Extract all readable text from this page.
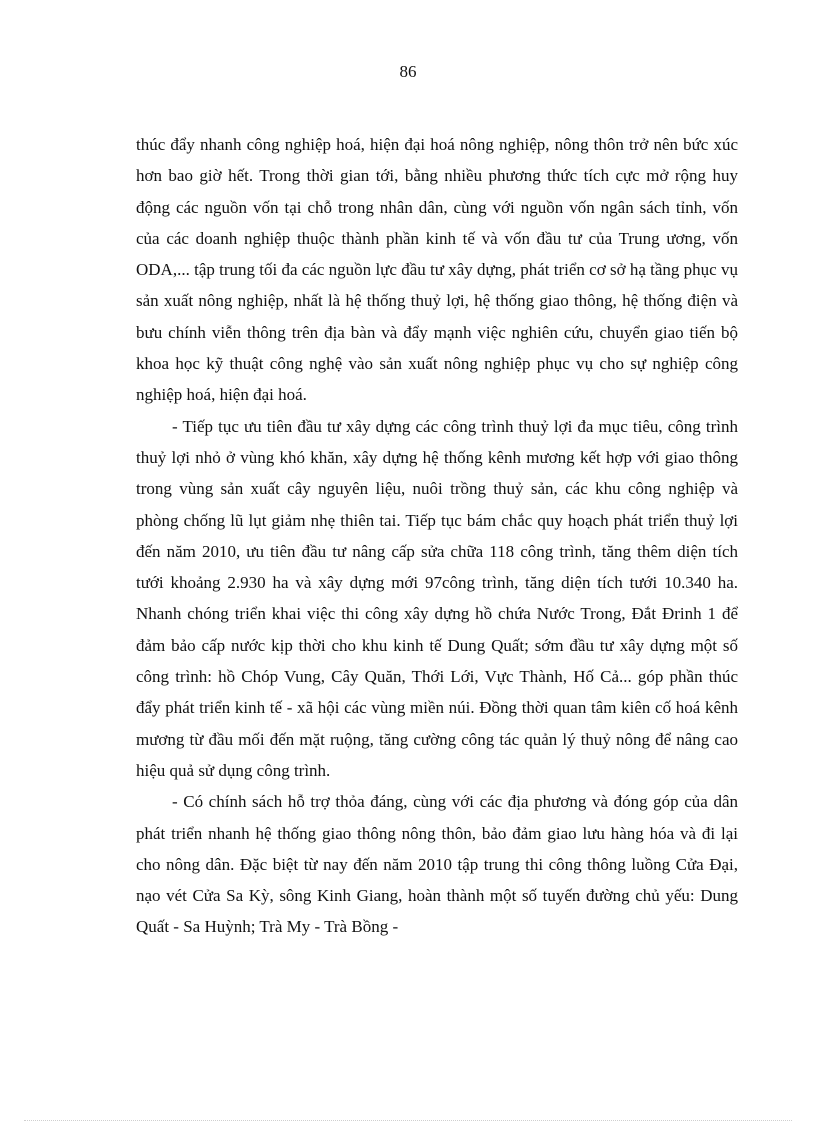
86

thúc đẩy nhanh công nghiệp hoá, hiện đại hoá nông nghiệp, nông thôn trở nên bức xúc hơn bao giờ hết. Trong thời gian tới, bằng nhiều phương thức tích cực mở rộng huy động các nguồn vốn tại chỗ trong nhân dân, cùng với nguồn vốn ngân sách tỉnh, vốn của các doanh nghiệp thuộc thành phần kinh tế và vốn đầu tư của Trung ương, vốn ODA,... tập trung tối đa các nguồn lực đầu tư xây dựng, phát triển cơ sở hạ tầng phục vụ sản xuất nông nghiệp, nhất là hệ thống thuỷ lợi, hệ thống giao thông, hệ thống điện và bưu chính viễn thông trên địa bàn và đẩy mạnh việc nghiên cứu, chuyển giao tiến bộ khoa học kỹ thuật công nghệ vào sản xuất nông nghiệp phục vụ cho sự nghiệp công nghiệp hoá, hiện đại hoá.

- Tiếp tục ưu tiên đầu tư xây dựng các công trình thuỷ lợi đa mục tiêu, công trình thuỷ lợi nhỏ ở vùng khó khăn, xây dựng hệ thống kênh mương kết hợp với giao thông trong vùng sản xuất cây nguyên liệu, nuôi trồng thuỷ sản, các khu công nghiệp và phòng chống lũ lụt giảm nhẹ thiên tai. Tiếp tục bám chắc quy hoạch phát triển thuỷ lợi đến năm 2010, ưu tiên đầu tư nâng cấp sửa chữa 118 công trình, tăng thêm diện tích tưới khoảng 2.930 ha và xây dựng mới 97công trình, tăng diện tích tưới 10.340 ha. Nhanh chóng triển khai việc thi công xây dựng hồ chứa Nước Trong, Đắt Đrinh 1 để đảm bảo cấp nước kịp thời cho khu kinh tế Dung Quất; sớm đầu tư xây dựng một số công trình: hồ Chóp Vung, Cây Quăn, Thới Lới, Vực Thành, Hố Cả... góp phần thúc đẩy phát triển kinh tế - xã hội các vùng miền núi. Đồng thời quan tâm kiên cố hoá kênh mương từ đầu mối đến mặt ruộng, tăng cường công tác quản lý thuỷ nông để nâng cao hiệu quả sử dụng công trình.

- Có chính sách hỗ trợ thỏa đáng, cùng với các địa phương và đóng góp của dân phát triển nhanh hệ thống giao thông nông thôn, bảo đảm giao lưu hàng hóa và đi lại cho nông dân. Đặc biệt từ nay đến năm 2010 tập trung thi công thông luồng Cửa Đại, nạo vét Cửa Sa Kỳ, sông Kinh Giang, hoàn thành một số tuyến đường chủ yếu: Dung Quất - Sa Huỳnh; Trà My - Trà Bồng -
